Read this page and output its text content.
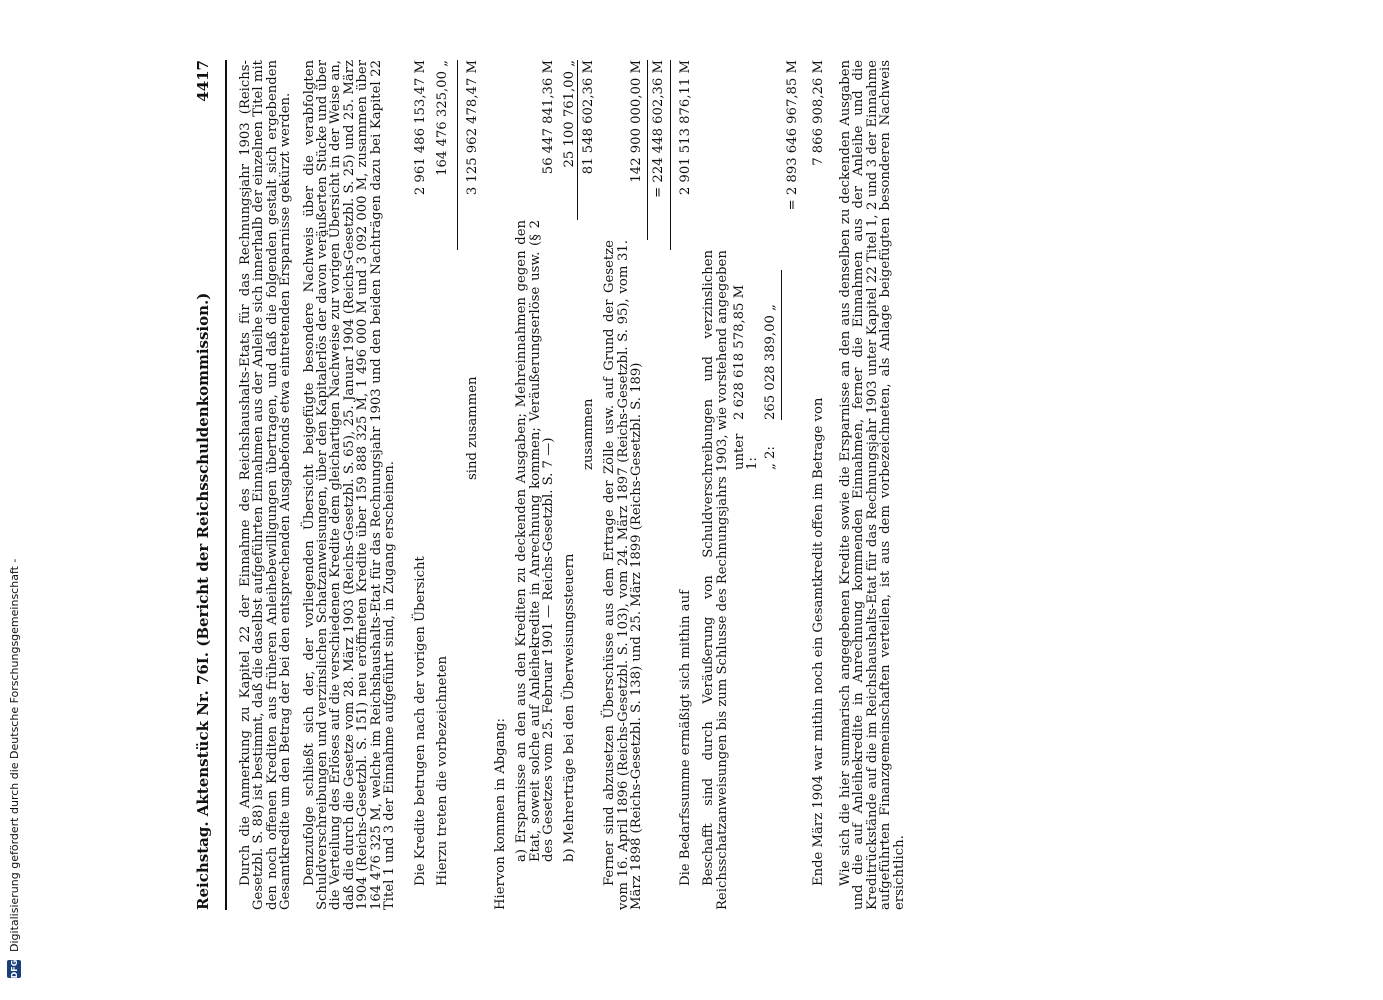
DFG
Digitalisierung gefördert durch die Deutsche Forschungsgemeinschaft -	Reichstag. Aktenstück Nr. 76I. (Bericht der Reichsschuldenkommission.)
4417 Durch die Anmerkung zu Kapitel 22 der Einnahme des Reichshaushalts-Etats für das Rechnungsjahr 1903 (Reichs-Gesetzbl. S. 88) ist bestimmt, daß die daselbst aufgeführten Einnahmen aus der Anleihe sich innerhalb der einzelnen Titel mit den noch offenen Krediten aus früheren Anleihebewilligungen übertragen, und daß die folgenden gestalt sich ergebenden Gesamtkredite um den Betrag der bei den entsprechenden Ausgabefonds etwa eintretenden Ersparnisse gekürzt werden. Demzufolge schließt sich der, der vorliegenden Übersicht beigefügte besondere Nachweis über die verabfolgten Schuldverschreibungen und verzinslichen Schatzanweisungen, über den Kapitalerlös der davon veräußerten Stücke und über die Verteilung des Erlöses auf die verschiedenen Kredite dem gleichartigen Nachweise zur vorigen Übersicht in der Weise an, daß die durch die Gesetze vom 28. März 1903 (Reichs-Gesetzbl. S. 65), 25. Januar 1904 (Reichs-Gesetzbl. S. 25) und 25. März 1904 (Reichs-Gesetzbl. S. 151) neu eröffneten Kredite über 159 888 325 M, 1 496 000 M und 3 092 000 M, zusammen über 164 476 325 M, welche im Reichshaushalts-Etat für das Rechnungsjahr 1903 und den beiden Nachträgen dazu bei Kapitel 22 Titel 1 und 3 der Einnahme aufgeführt sind, in Zugang erscheinen. Die Kredite betrugen nach der vorigen Übersicht
2 961 486 153,47 M
Hierzu treten die vorbezeichneten
164 476 325,00 „
sind zusammen
3 125 962 478,47 M
Hiervon kommen in Abgang: a) Ersparnisse an den aus den Krediten zu deckenden Ausgaben; Mehreinnahmen gegen den Etat, soweit solche auf Anleihekredite in Anrechnung kommen; Veräußerungserlöse usw. (§ 2 des Gesetzes vom 25. Februar 1901 — Reichs-Gesetzbl. S. 7 —)
56 447 841,36 M
b) Mehrerträge bei den Überweisungssteuern
25 100 761,00 „
zusammen
81 548 602,36 M
Ferner sind abzusetzen Überschüsse aus dem Ertrage der Zölle usw. auf Grund der Gesetze vom 16. April 1896 (Reichs-Gesetzbl. S. 103), vom 24. März 1897 (Reichs-Gesetzbl. S. 95), vom 31. März 1898 (Reichs-Gesetzbl. S. 138) und 25. März 1899 (Reichs-Gesetzbl. S. 189)
142 900 000,00 M = 224 448 602,36 M
Die Bedarfssumme ermäßigt sich mithin auf
2 901 513 876,11 M
Beschafft sind durch Veräußerung von Schuldverschreibungen und verzinslichen Reichsschatzanweisungen bis zum Schlusse des Rechnungsjahrs 1903, wie vorstehend angegeben unter 1:
2 628 618 578,85 M
„ 2:
265 028 389,00 „
= 2 893 646 967,85 M
Ende März 1904 war mithin noch ein Gesamtkredit offen im Betrage von
7 866 908,26 M Wie sich die hier summarisch angegebenen Kredite sowie die Ersparnisse an den aus denselben zu deckenden Ausgaben und die auf Anleihekredite in Anrechnung kommenden Einnahmen, ferner die Einnahmen aus der Anleihe und die Kreditrückstände auf die im Reichshaushalts-Etat für das Rechnungsjahr 1903 unter Kapitel 22 Titel 1, 2 und 3 der Einnahme aufgeführten Finanzgemeinschaften verteilen, ist aus dem vorbezeichneten, als Anlage beigefügten besonderen Nachweis ersichtlich.
